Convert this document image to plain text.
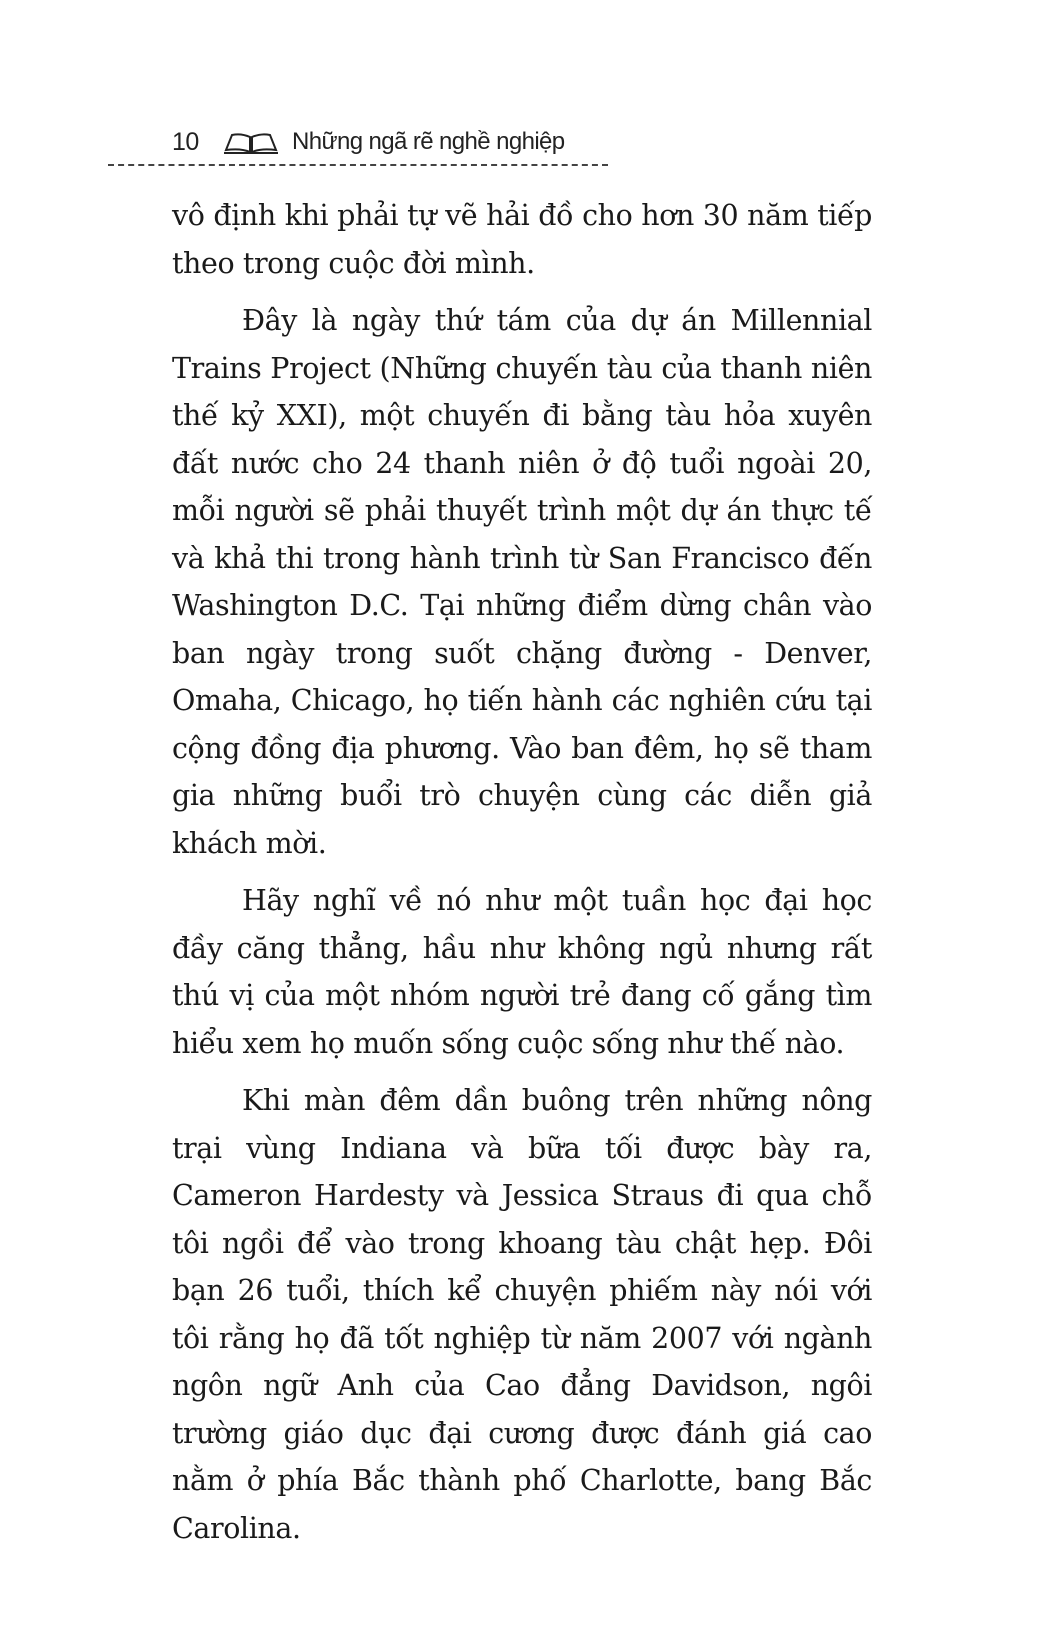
10	Những ngã rẽ nghề nghiệp

vô định khi phải tự vẽ hải đồ cho hơn 30 năm tiếp theo trong cuộc đời mình.

Đây là ngày thứ tám của dự án Millennial Trains Project (Những chuyến tàu của thanh niên thế kỷ XXI), một chuyến đi bằng tàu hỏa xuyên đất nước cho 24 thanh niên ở độ tuổi ngoài 20, mỗi người sẽ phải thuyết trình một dự án thực tế và khả thi trong hành trình từ San Francisco đến Washington D.C. Tại những điểm dừng chân vào ban ngày trong suốt chặng đường - Denver, Omaha, Chicago, họ tiến hành các nghiên cứu tại cộng đồng địa phương. Vào ban đêm, họ sẽ tham gia những buổi trò chuyện cùng các diễn giả khách mời.

Hãy nghĩ về nó như một tuần học đại học đầy căng thẳng, hầu như không ngủ nhưng rất thú vị của một nhóm người trẻ đang cố gắng tìm hiểu xem họ muốn sống cuộc sống như thế nào.

Khi màn đêm dần buông trên những nông trại vùng Indiana và bữa tối được bày ra, Cameron Hardesty và Jessica Straus đi qua chỗ tôi ngồi để vào trong khoang tàu chật hẹp. Đôi bạn 26 tuổi, thích kể chuyện phiếm này nói với tôi rằng họ đã tốt nghiệp từ năm 2007 với ngành ngôn ngữ Anh của Cao đẳng Davidson, ngôi trường giáo dục đại cương được đánh giá cao nằm ở phía Bắc thành phố Charlotte, bang Bắc Carolina.
